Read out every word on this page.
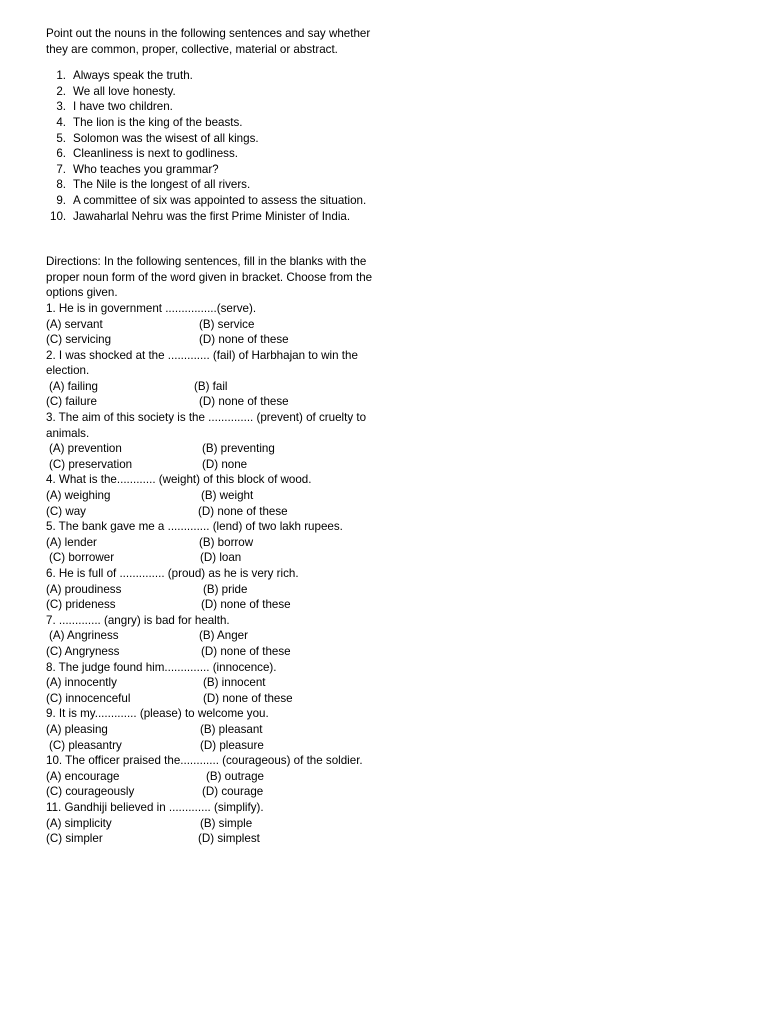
Point out the nouns in the following sentences and say whether they are common, proper, collective, material or abstract.

1. Always speak the truth.
2. We all love honesty.
3. I have two children.
4. The lion is the king of the beasts.
5. Solomon was the wisest of all kings.
6. Cleanliness is next to godliness.
7. Who teaches you grammar?
8. The Nile is the longest of all rivers.
9. A committee of six was appointed to assess the situation.
10. Jawaharlal Nehru was the first Prime Minister of India.
Directions: In the following sentences, fill in the blanks with the proper noun form of the word given in bracket. Choose from the options given.
1. He is in government ................(serve).
(A) servant	(B) service
(C) servicing	(D) none of these
2. I was shocked at the ............. (fail) of Harbhajan to win the election.
(A) failing	(B) fail
(C) failure	(D) none of these
3. The aim of this society is the .............. (prevent) of cruelty to animals.
(A) prevention	(B) preventing
(C) preservation	(D) none
4. What is the............ (weight) of this block of wood.
(A) weighing	(B) weight
(C) way	(D) none of these
5. The bank gave me a ............. (lend) of two lakh rupees.
(A) lender	(B) borrow
(C) borrower	(D) loan
6. He is full of .............. (proud) as he is very rich.
(A) proudiness	(B) pride
(C) prideness	(D) none of these
7. ............. (angry) is bad for health.
(A) Angriness	(B) Anger
(C) Angryness	(D) none of these
8. The judge found him.............. (innocence).
(A) innocently	(B) innocent
(C) innocenceful	(D) none of these
9. It is my............. (please) to welcome you.
(A) pleasing	(B) pleasant
(C) pleasantry	(D) pleasure
10. The officer praised the............ (courageous) of the soldier.
(A) encourage	(B) outrage
(C) courageously	(D) courage
11. Gandhiji believed in ............. (simplify).
(A) simplicity	(B) simple
(C) simpler	(D) simplest
